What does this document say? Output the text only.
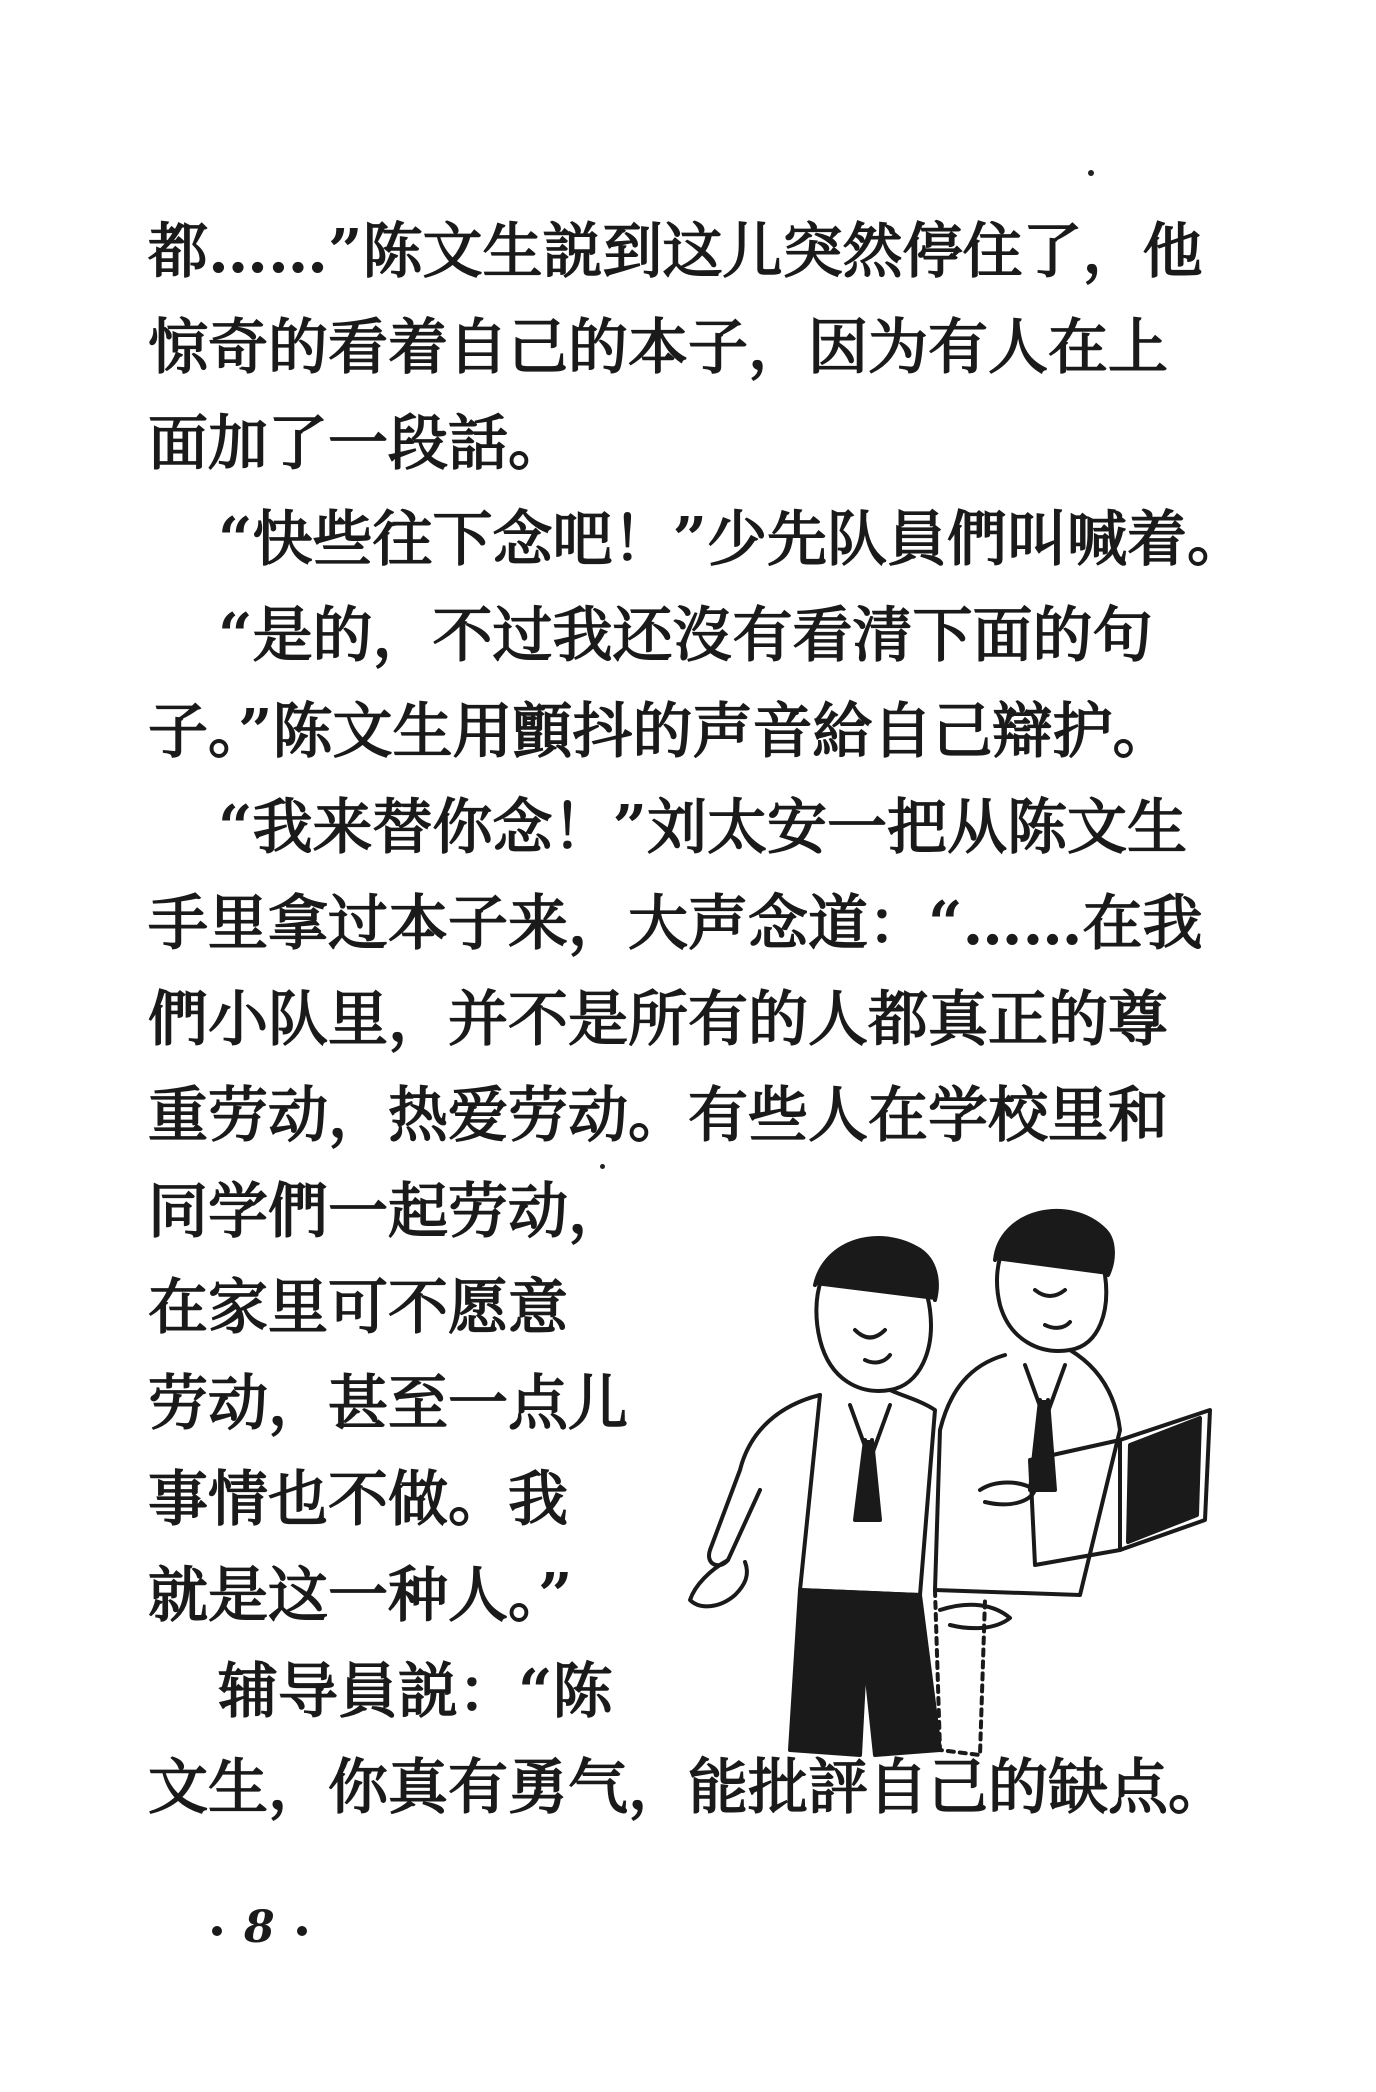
都……”陈文生説到这儿突然停住了，他
惊奇的看着自己的本子，因为有人在上
面加了一段話。
“快些往下念吧！”少先队員們叫喊着。
“是的，不过我还沒有看清下面的句
子。”陈文生用顫抖的声音給自己辯护。
“我来替你念！”刘太安一把从陈文生
手里拿过本子来，大声念道：“……在我
們小队里，并不是所有的人都真正的尊
重劳动，热爱劳动。有些人在学校里和
同学們一起劳动，
在家里可不愿意
劳动，甚至一点儿
事情也不做。我
就是这一种人。”
辅导員説：“陈
文生，你真有勇气，能批評自己的缺点。
8
